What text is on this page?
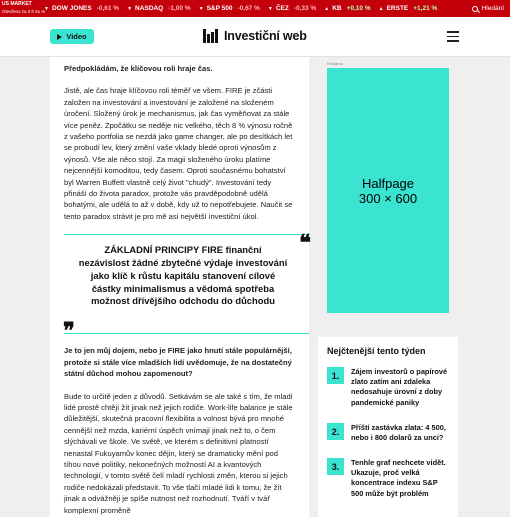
US MARKET
Otevřeno za 3 h 51 m
▼ DOW JONES -0,61 % ▼ NASDAQ -1,00 % ▼ S&P 500 -0,67 % ▼ ČEZ -0,33 % ▲ KB +0,10 % ▲ ERSTE +1,21 %	Hledání
Video	Investiční web

Předpokládám, že klíčovou roli hraje čas.

Jistě, ale čas hraje klíčovou roli téměř ve všem. FIRE je zčásti založen na investování a investování je založené na složeném úročení. Složený úrok je mechanismus, jak čas vyměňovat za stále více peněz. Zpočátku se neděje nic velkého, těch 8 % výnosu ročně z vašeho portfolia se nezdá jako game changer, ale po desítkách let se probudí lev, který změní vaše vklady bledé oproti výnosům z výnosů. Vše ale něco stojí. Za magii složeného úroku platíme nejcennější komoditou, tedy časem. Oproti současnému bohatství byl Warren Buffett vlastně celý život "chudý". Investování tedy přináší do života paradox, protože vás pravděpodobně udělá bohatými, ale udělá to až v době, kdy už to nepotřebujete. Naučit se tento paradox strávit je pro mě asi největší investiční úkol.

❝
ZÁKLADNÍ PRINCIPY FIRE finanční nezávislost žádné zbytečné výdaje investování jako klíč k růstu kapitálu stanovení cílové částky minimalismus a vědomá spotřeba možnost dřívějšího odchodu do důchodu
❞

Je to jen můj dojem, nebo je FIRE jako hnutí stále populárnější, protože si stále více mladších lidí uvědomuje, že na dostatečný státní důchod mohou zapomenout?

Bude to určitě jeden z důvodů. Setkávám se ale také s tím, že mladí lidé prostě chtějí žít jinak než jejich rodiče. Work-life balance je stále důležitější, skutečná pracovní flexibilita a volnost bývá pro mnohé cennější než mzda, kariérní úspěch vnímají jinak než to, o čem slýchávali ve škole. Ve světě, ve kterém s definitivní platností nenastal Fukuyamův konec dějin, který se dramaticky mění pod tíhou nové politiky, nekonečných možností AI a kvantových technologií, v tomto světě čelí mladí rychlosti změn, kterou si jejich rodiče nedokázali představit. To vše tlačí mladé lidi k tomu, že žít jinak a odvážněji je spíše nutnost než rozhodnutí. Tváří v tvář komplexní proměně

Reklama
Halfpage
300 × 600
Nejčtenější tento týden
1.	Zájem investorů o papírové zlato zatím ani zdaleka nedosahuje úrovní z doby pandemické paniky
2.	Příští zastávka zlata: 4 500, nebo i 800 dolarů za unci?
3.	Tenhle graf nechcete vidět. Ukazuje, proč velká koncentrace indexu S&P 500 může být problém
